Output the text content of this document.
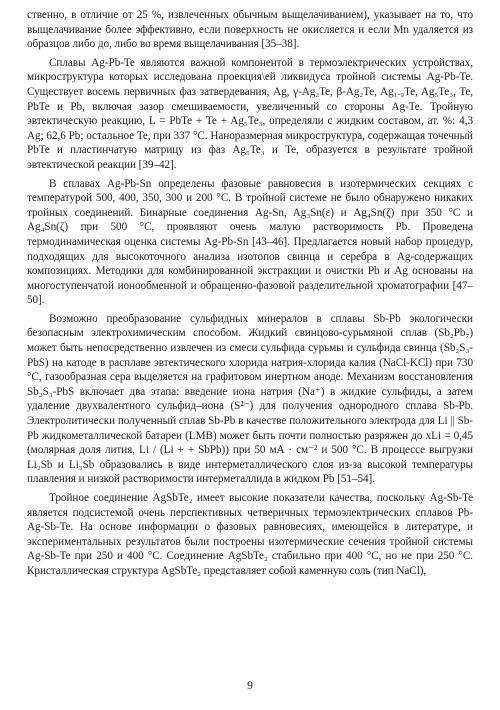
ственно, в отличие от 25 %, извлеченных обычным выщелачиванием), указывает на то, что выщелачивание более эффективно, если поверхность не окисляется и если Mn удаляется из образцов либо до, либо во время выщелачивания [35–38].

Сплавы Ag-Pb-Te являются важной компонентой в термоэлектрических устройствах, микроструктура которых исследована проекция\ей ликвидуса тройной системы Ag-Pb-Te. Существует восемь первичных фаз затвердевания, Ag, γ-Ag₂Te, β-Ag₂Te, Ag₁.₉Te, Ag₅Te₃, Te, PbTe и Pb, включая зазор смешиваемости, увеличенный со стороны Ag-Te. Тройную эвтектическую реакцию, L = PbTe + Te + Ag₅Te₃, определяли с жидким составом, ат. %: 4,3 Ag; 62,6 Pb; остальное Te, при 337 °C. Наноразмерная микроструктура, содержащая точечный PbTe и пластинчатую матрицу из фаз Ag₅Te₃ и Te, образуется в результате тройной эвтектической реакции [39–42].

В сплавах Ag-Pb-Sn определены фазовые равновесия в изотермических секциях с температурой 500, 400, 350, 300 и 200 °C. В тройной системе не было обнаружено никаких тройных соединений. Бинарные соединения Ag-Sn, Ag₃Sn(ε) и Ag₄Sn(ζ) при 350 °C и Ag₄Sn(ζ) при 500 °C, проявляют очень малую растворимость Pb. Проведена термодинамическая оценка системы Ag-Pb-Sn [43–46]. Предлагается новый набор процедур, подходящих для высокоточного анализа изотопов свинца и серебра в Ag-содержащих композициях. Методики для комбинированной экстракции и очистки Pb и Ag основаны на многоступенчатой ионообменной и обращенно-фазовой разделительной хроматографии [47–50].

Возможно преобразование сульфидных минералов в сплавы Sb-Pb экологически безопасным электрохимическим способом. Жидкий свинцово-сурьмяной сплав (Sb₂Pb₇) может быть непосредственно извлечен из смеси сульфида сурьмы и сульфида свинца (Sb₂S₃-PbS) на катоде в расплаве эвтектического хлорида натрия-хлорида калия (NaCl-KCl) при 730 °C, газообразная сера выделяется на графитовом инертном аноде. Механизм восстановления Sb₂S₃-PbS включает два этапа: введение иона натрия (Na⁺) в жидкие сульфиды, а затем удаление двухвалентного сульфид–иона (S²⁻) для получения однородного сплава Sb-Pb. Электролитически полученный сплав Sb-Pb в качестве положительного электрода для Li || Sb-Pb жидкометаллической батареи (LMB) может быть почти полностью разряжен до xLi = 0,45 (молярная доля лития, Li / (Li + + SbPb)) при 50 мА · см⁻² и 500 °C. В процессе выгрузки Li₂Sb и Li₃Sb образовались в виде интерметаллического слоя из-за высокой температуры плавления и низкой растворимости интерметаллида в жидком Pb [51–54].

Тройное соединение AgSbTe₂ имеет высокие показатели качества, поскольку Ag-Sb-Te является подсистемой очень перспективных четверичных термоэлектрических сплавов Pb-Ag-Sb-Te. На основе информации о фазовых равновесиях, имеющейся в литературе, и экспериментальных результатов были построены изотермические сечения тройной системы Ag-Sb-Te при 250 и 400 °C. Соединение AgSbTe₂ стабильно при 400 °C, но не при 250 °C. Кристаллическая структура AgSbTe₂ представляет собой каменную соль (тип NaCl),

9
